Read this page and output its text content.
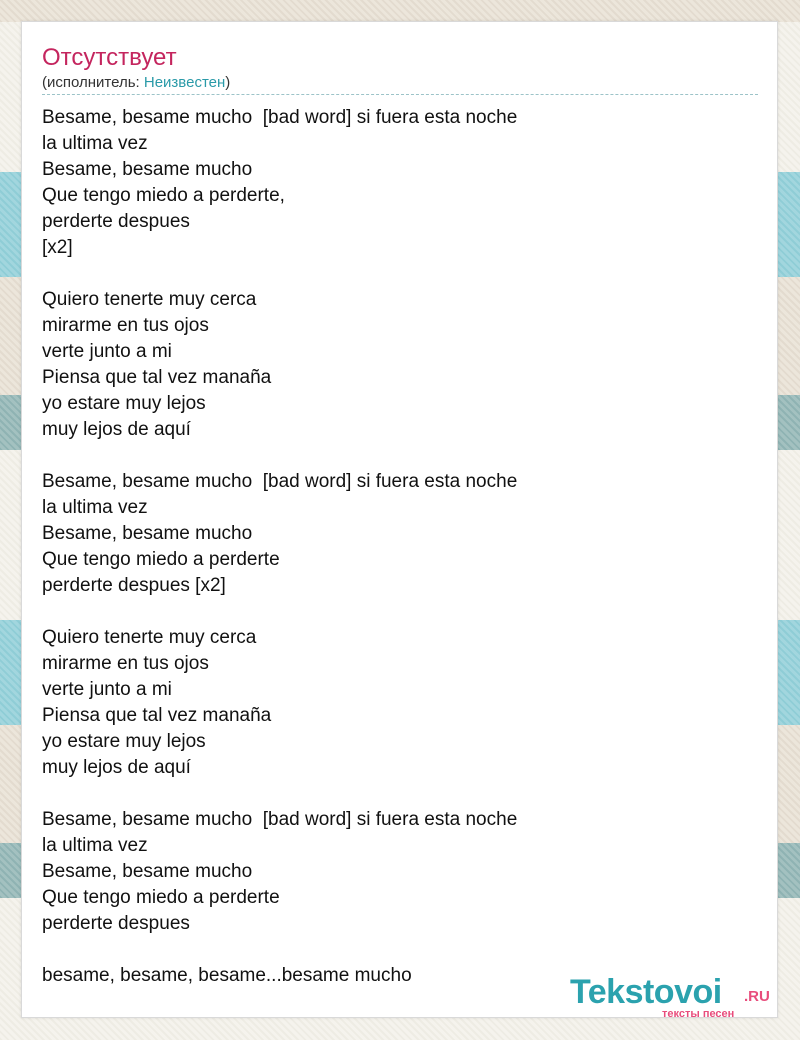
Отсутствует
(исполнитель: Неизвестен)
Besame, besame mucho  [bad word] si fuera esta noche
la ultima vez
Besame, besame mucho
Que tengo miedo a perderte,
perderte despues
[x2]

Quiero tenerte muy cerca
mirarme en tus ojos
verte junto a mi
Piensa que tal vez manaña
yo estare muy lejos
muy lejos de aquí

Besame, besame mucho  [bad word] si fuera esta noche
la ultima vez
Besame, besame mucho
Que tengo miedo a perderte
perderte despues [x2]

Quiero tenerte muy cerca
mirarme en tus ojos
verte junto a mi
Piensa que tal vez manaña
yo estare muy lejos
muy lejos de aquí

Besame, besame mucho  [bad word] si fuera esta noche
la ultima vez
Besame, besame mucho
Que tengo miedo a perderte
perderte despues

besame, besame, besame...besame mucho	Tekstovoi .RU
тексты песен
